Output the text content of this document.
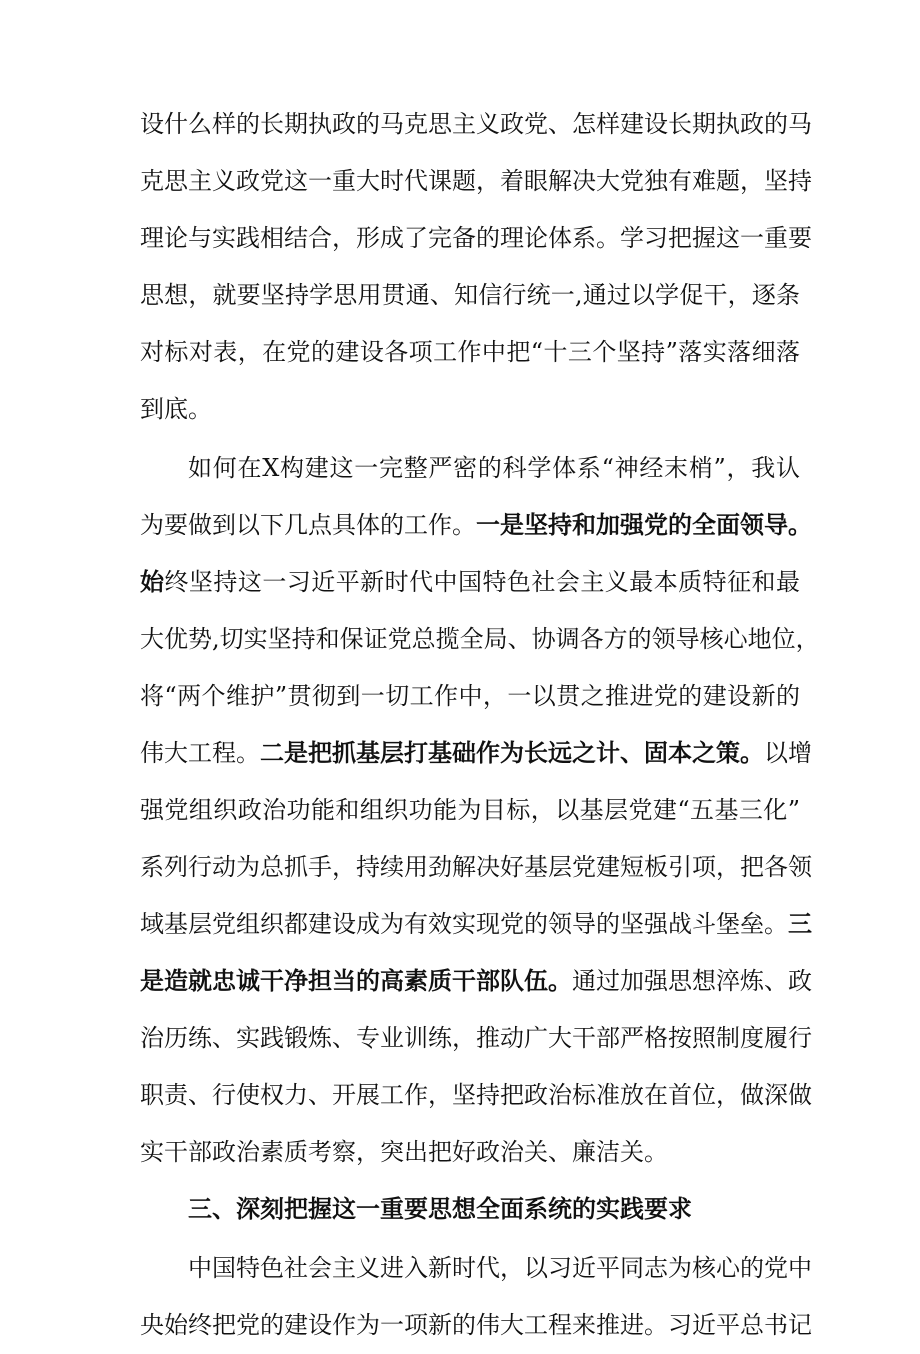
设什么样的长期执政的马克思主义政党、怎样建设长期执政的马
克思主义政党这一重大时代课题，着眼解决大党独有难题，坚持
理论与实践相结合，形成了完备的理论体系。学习把握这一重要
思想，就要坚持学思用贯通、知信行统一,通过以学促干，逐条
对标对表，在党的建设各项工作中把“十三个坚持”落实落细落
到底。
如何在X构建这一完整严密的科学体系“神经末梢”，我认
为要做到以下几点具体的工作。一是坚持和加强党的全面领导。
始终坚持这一习近平新时代中国特色社会主义最本质特征和最
大优势,切实坚持和保证党总揽全局、协调各方的领导核心地位，
将“两个维护”贯彻到一切工作中，一以贯之推进党的建设新的
伟大工程。二是把抓基层打基础作为长远之计、固本之策。以增
强党组织政治功能和组织功能为目标，以基层党建“五基三化”
系列行动为总抓手，持续用劲解决好基层党建短板引项，把各领
域基层党组织都建设成为有效实现党的领导的坚强战斗堡垒。三
是造就忠诚干净担当的高素质干部队伍。通过加强思想淬炼、政
治历练、实践锻炼、专业训练，推动广大干部严格按照制度履行
职责、行使权力、开展工作，坚持把政治标准放在首位，做深做
实干部政治素质考察，突出把好政治关、廉洁关。
三、深刻把握这一重要思想全面系统的实践要求
中国特色社会主义进入新时代，以习近平同志为核心的党中
央始终把党的建设作为一项新的伟大工程来推进。习近平总书记
